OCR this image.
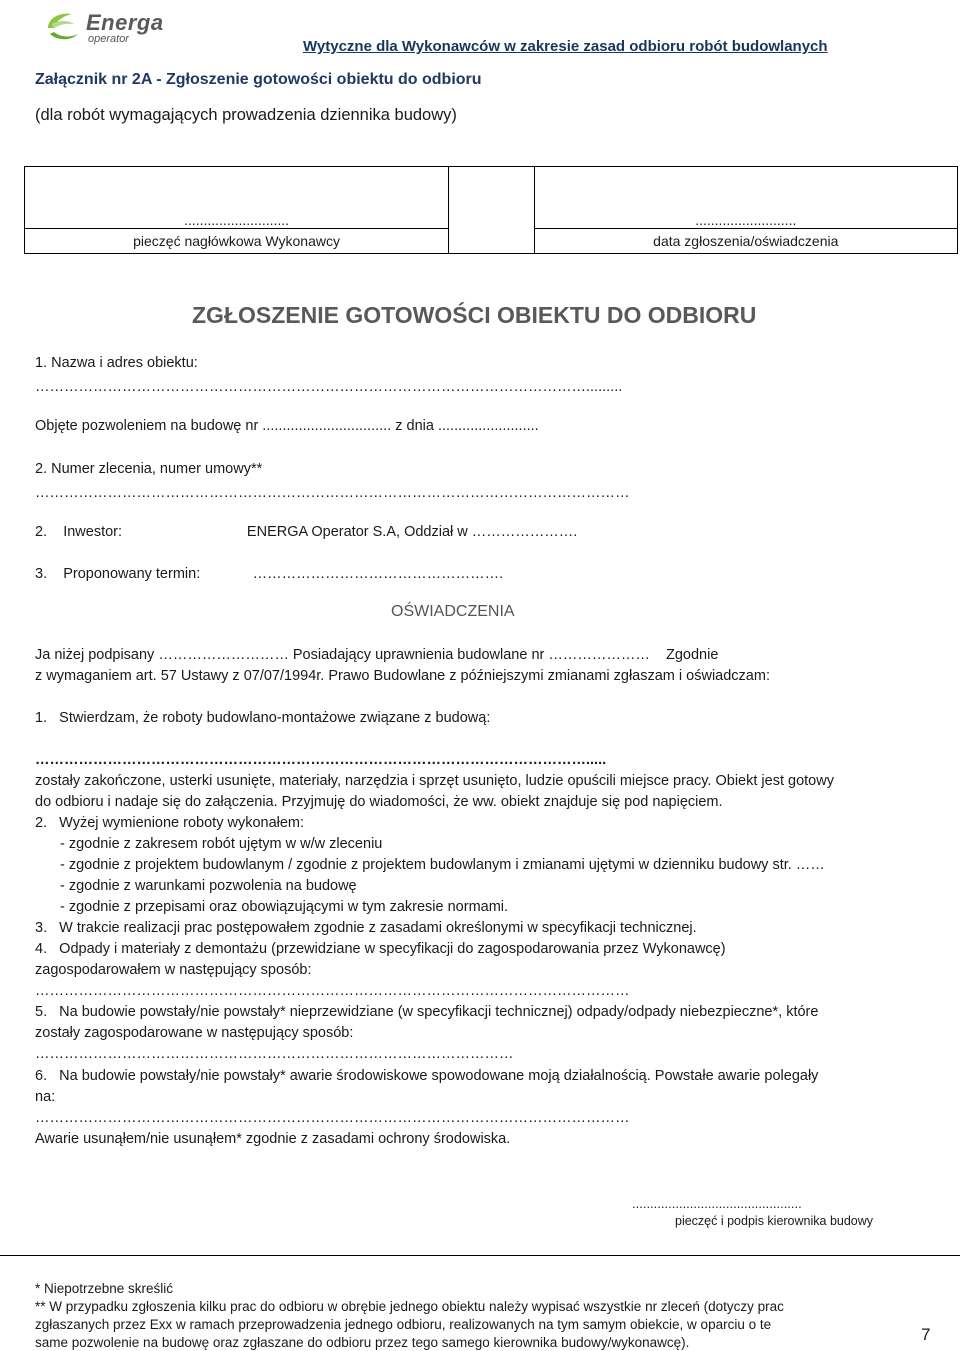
Energa
operator	Wytyczne dla Wykonawców w zakresie zasad odbioru robót budowlanych
Załącznik nr 2A - Zgłoszenie gotowości obiektu do odbioru
(dla robót wymagających prowadzenia dziennika budowy)
...........................
pieczęć nagłówkowa Wykonawcy

..........................
data zgłoszenia/oświadczenia
ZGŁOSZENIE GOTOWOŚCI OBIEKTU DO ODBIORU
1. Nazwa i adres obiektu:
…………………………………………………………………………………………………….........
Objęte pozwoleniem na budowę nr ................................ z dnia .........................
2. Numer zlecenia, numer umowy**
……………………………………………………………………………………………………………
2.    Inwestor:                               ENERGA Operator S.A, Oddział w ………………….
3.    Proponowany termin:             …………………………………………….
OŚWIADCZENIA
Ja niżej podpisany ……………………… Posiadający uprawnienia budowlane nr …………………    Zgodnie
z wymaganiem art. 57 Ustawy z 07/07/1994r. Prawo Budowlane z późniejszymi zmianami zgłaszam i oświadczam:
1.   Stwierdzam, że roboty budowlano-montażowe związane z budową:
…………………………………………………………………………………………………….....
zostały zakończone, usterki usunięte, materiały, narzędzia i sprzęt usunięto, ludzie opuścili miejsce pracy. Obiekt jest gotowy
do odbioru i nadaje się do załączenia. Przyjmuję do wiadomości, że ww. obiekt znajduje się pod napięciem.
2.   Wyżej wymienione roboty wykonałem:
- zgodnie z zakresem robót ujętym w w/w zleceniu
- zgodnie z projektem budowlanym / zgodnie z projektem budowlanym i zmianami ujętymi w dzienniku budowy str. ……
- zgodnie z warunkami pozwolenia na budowę
- zgodnie z przepisami oraz obowiązującymi w tym zakresie normami.
3.   W trakcie realizacji prac postępowałem zgodnie z zasadami określonymi w specyfikacji technicznej.
4.   Odpady i materiały z demontażu (przewidziane w specyfikacji do zagospodarowania przez Wykonawcę)
zagospodarowałem w następujący sposób:
……………………………………………………………………………………………………………
5.   Na budowie powstały/nie powstały* nieprzewidziane (w specyfikacji technicznej) odpady/odpady niebezpieczne*, które
zostały zagospodarowane w następujący sposób:
………………………………………………………………………………………
6.   Na budowie powstały/nie powstały* awarie środowiskowe spowodowane moją działalnością. Powstałe awarie polegały
na:
……………………………………………………………………………………………………………
Awarie usunąłem/nie usunąłem* zgodnie z zasadami ochrony środowiska.
...............................................
pieczęć i podpis kierownika budowy
* Niepotrzebne skreślić
** W przypadku zgłoszenia kilku prac do odbioru w obrębie jednego obiektu należy wypisać wszystkie nr zleceń (dotyczy prac
zgłaszanych przez Exx w ramach przeprowadzenia jednego odbioru, realizowanych na tym samym obiekcie, w oparciu o te
same pozwolenie na budowę oraz zgłaszane do odbioru przez tego samego kierownika budowy/wykonawcę).	7
